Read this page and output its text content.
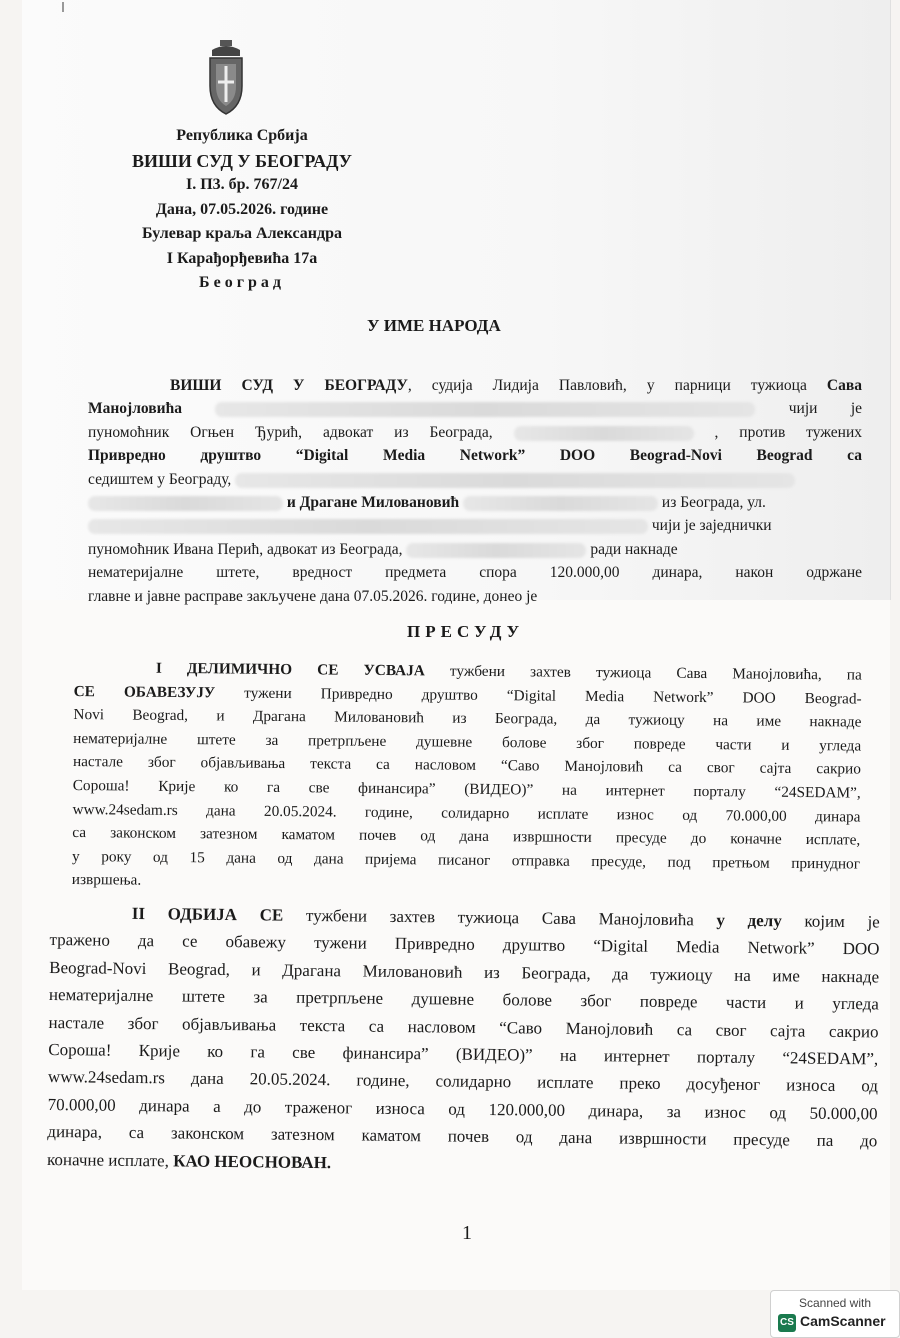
Република Србија
ВИШИ СУД У БЕОГРАДУ
I. П3. бр. 767/24
Дана, 07.05.2026. године
Булевар краља Александра
I Карађорђевића 17а
Београд
У ИМЕ НАРОДА
ВИШИ СУД У БЕОГРАДУ, судија Лидија Павловић, у парници тужиоца Сава
Манојловића	чији је
пуномоћник Огњен Ђурић, адвокат из Београда,	, против тужених
Привредно друштво “Digital Media Network” DOO Beograd-Novi Beograd са
седиштем у Београду,
и Драгане Миловановић	из Београда, ул.
чији је заједнички
пуномоћник Ивана Перић, адвокат из Београда,	ради накнаде
нематеријалне штете, вредност предмета спора 120.000,00 динара, након одржане
главне и јавне расправе закључене дана 07.05.2026. године, донео је
ПРЕСУДУ
I ДЕЛИМИЧНО СЕ УСВАЈА тужбени захтев тужиоца Сава Манојловића, па
СЕ ОБАВЕЗУЈУ тужени Привредно друштво “Digital Media Network” DOO Beograd-
Novi Beograd, и Драгана Миловановић из Београда, да тужиоцу на име накнаде
нематеријалне штете за претрпљене душевне болове због повреде части и угледа
настале због објављивања текста са насловом “Саво Манојловић са свог сајта сакрио
Сороша! Крије ко га све финансира” (ВИДЕО)” на интернет порталу “24SEDAM”,
www.24sedam.rs дана 20.05.2024. године, солидарно исплате износ од 70.000,00 динара
са законском затезном каматом почев од дана извршности пресуде до коначне исплате,
у року од 15 дана од дана пријема писаног отправка пресуде, под претњом принудног
извршења.
II ОДБИЈА СЕ тужбени захтев тужиоца Сава Манојловића у делу којим је
тражено да се обавежу тужени Привредно друштво “Digital Media Network” DOO
Beograd-Novi Beograd, и Драгана Миловановић из Београда, да тужиоцу на име накнаде
нематеријалне штете за претрпљене душевне болове због повреде части и угледа
настале због објављивања текста са насловом “Саво Манојловић са свог сајта сакрио
Сороша! Крије ко га све финансира” (ВИДЕО)” на интернет порталу “24SEDAM”,
www.24sedam.rs дана 20.05.2024. године, солидарно исплате преко досуђеног износа од
70.000,00 динара а до траженог износа од 120.000,00 динара, за износ од 50.000,00
динара, са законском затезном каматом почев од дана извршности пресуде па до
коначне исплате, КАО НЕОСНОВАН.
1
Scanned with
CS CamScanner
